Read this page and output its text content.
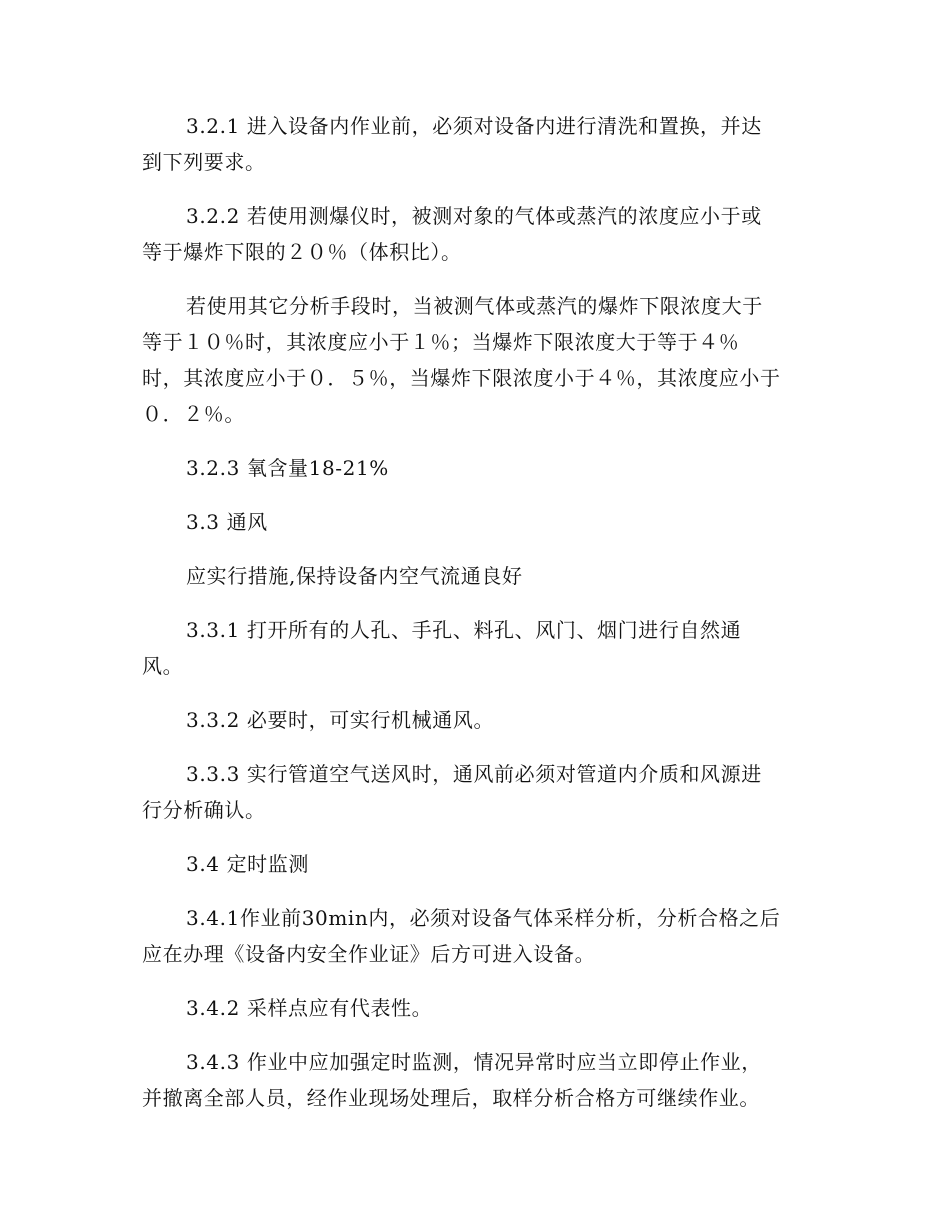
3.2.1 进入设备内作业前，必须对设备内进行清洗和置换，并达
到下列要求。

3.2.2 若使用测爆仪时，被测对象的气体或蒸汽的浓度应小于或
等于爆炸下限的２０％（体积比）。

若使用其它分析手段时，当被测气体或蒸汽的爆炸下限浓度大于
等于１０％时，其浓度应小于１％；当爆炸下限浓度大于等于４％
时，其浓度应小于０．５％，当爆炸下限浓度小于４％，其浓度应小于
０．２％。

3.2.3 氧含量18-21%

3.3 通风

应实行措施,保持设备内空气流通良好

3.3.1 打开所有的人孔、手孔、料孔、风门、烟门进行自然通
风。

3.3.2 必要时，可实行机械通风。

3.3.3 实行管道空气送风时，通风前必须对管道内介质和风源进
行分析确认。

3.4 定时监测

3.4.1作业前30min内，必须对设备气体采样分析，分析合格之后
应在办理《设备内安全作业证》后方可进入设备。

3.4.2 采样点应有代表性。

3.4.3 作业中应加强定时监测，情况异常时应当立即停止作业，
并撤离全部人员，经作业现场处理后，取样分析合格方可继续作业。
